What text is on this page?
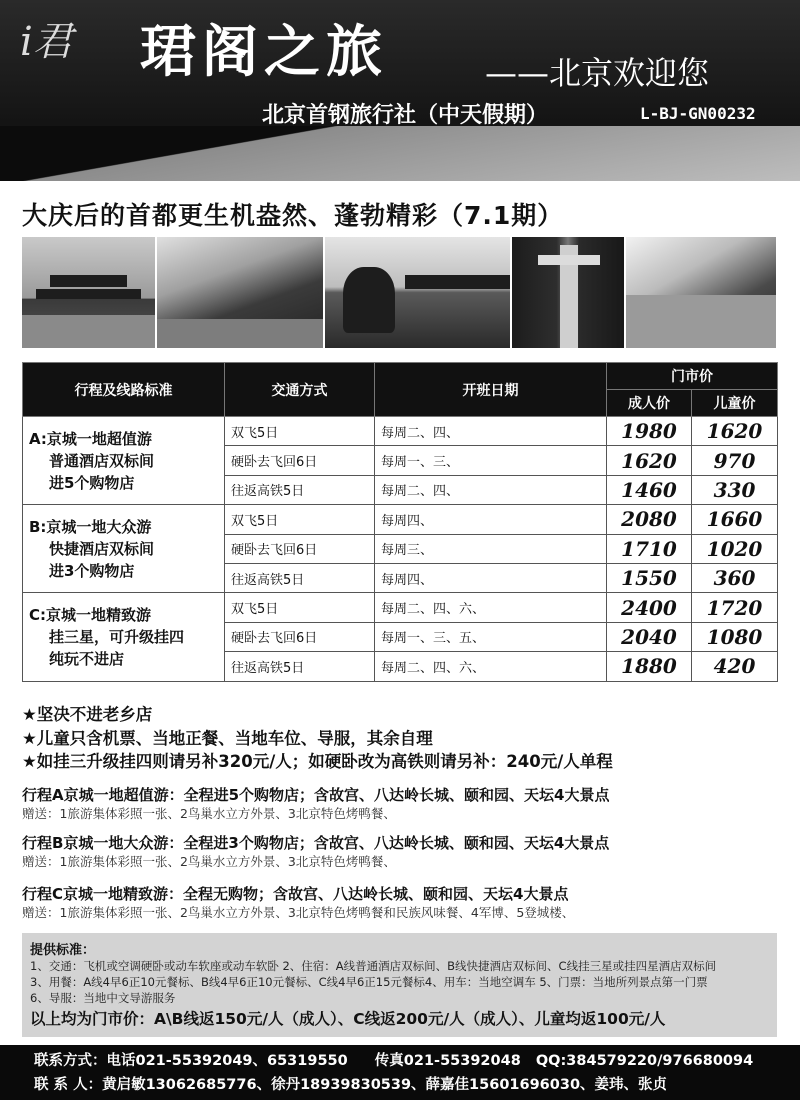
i君 珺阁之旅	——北京欢迎您
北京首钢旅行社（中天假期）	L-BJ-GN00232
大庆后的首都更生机盎然、蓬勃精彩（7.1期）
行程及线路标准	交通方式	开班日期	门市价	
			成人价	儿童价
A:京城一地超值游
普通酒店双标间
进5个购物店	双飞5日	每周二、四、	1980	1620
	硬卧去飞回6日	每周一、三、	1620	970
	往返高铁5日	每周二、四、	1460	330
B:京城一地大众游
快捷酒店双标间
进3个购物店	双飞5日	每周四、	2080	1660
	硬卧去飞回6日	每周三、	1710	1020
	往返高铁5日	每周四、	1550	360
C:京城一地精致游
挂三星，可升级挂四
纯玩不进店	双飞5日	每周二、四、六、	2400	1720
	硬卧去飞回6日	每周一、三、五、	2040	1080
	往返高铁5日	每周二、四、六、	1880	420
★坚决不进老乡店
★儿童只含机票、当地正餐、当地车位、导服，其余自理
★如挂三升级挂四则请另补320元/人；如硬卧改为高铁则请另补：240元/人单程
行程A京城一地超值游：全程进5个购物店；含故宫、八达岭长城、颐和园、天坛4大景点
赠送：1旅游集体彩照一张、2鸟巢水立方外景、3北京特色烤鸭餐、
行程B京城一地大众游：全程进3个购物店；含故宫、八达岭长城、颐和园、天坛4大景点
赠送：1旅游集体彩照一张、2鸟巢水立方外景、3北京特色烤鸭餐、
行程C京城一地精致游：全程无购物；含故宫、八达岭长城、颐和园、天坛4大景点
赠送：1旅游集体彩照一张、2鸟巢水立方外景、3北京特色烤鸭餐和民族风味餐、4军博、5登城楼、
提供标准：
1、交通：飞机或空调硬卧或动车软座或动车软卧 2、住宿：A线普通酒店双标间、B线快捷酒店双标间、C线挂三星或挂四星酒店双标间
3、用餐：A线4早6正10元餐标、B线4早6正10元餐标、C线4早6正15元餐标4、用车：当地空调车 5、门票：当地所列景点第一门票
6、导服：当地中文导游服务
以上均为门市价：A\B线返150元/人（成人）、C线返200元/人（成人）、儿童均返100元/人
联系方式：电话021-55392049、65319550 传真021-55392048 QQ:384579220/976680094
联 系 人：黄启敏13062685776、徐丹18939830539、薛嘉佳15601696030、姜玮、张贞
